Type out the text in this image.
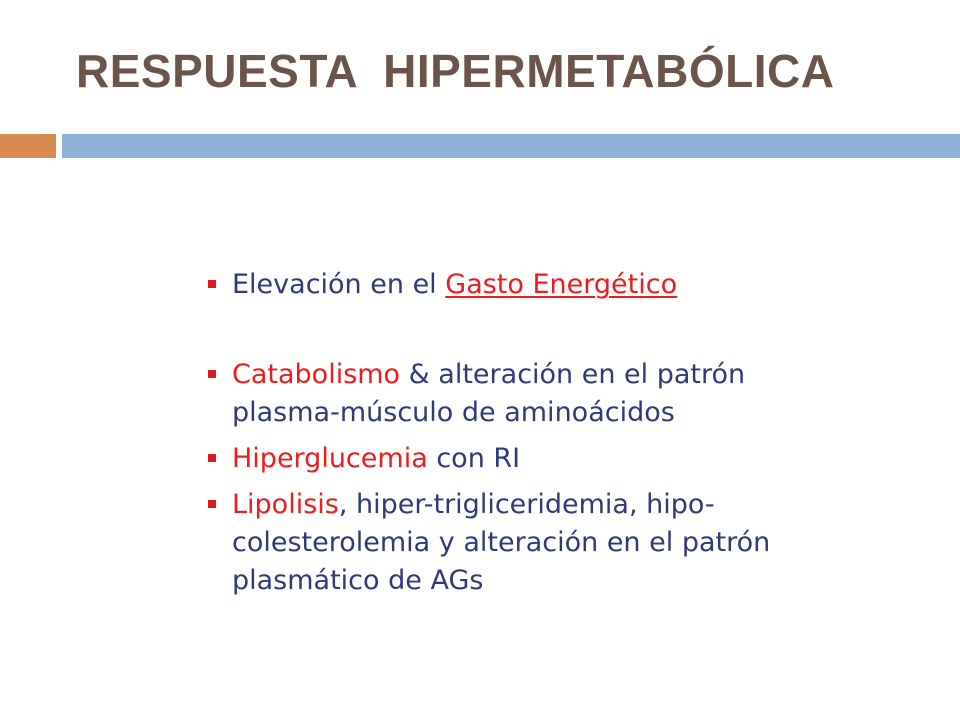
RESPUESTA  HIPERMETABÓLICA
Elevación en el Gasto Energético
Catabolismo & alteración en el patrón plasma-músculo de aminoácidos
Hiperglucemia con RI
Lipolisis, hiper-trigliceridemia, hipo-colesterolemia y alteración en el patrón plasmático de AGs
